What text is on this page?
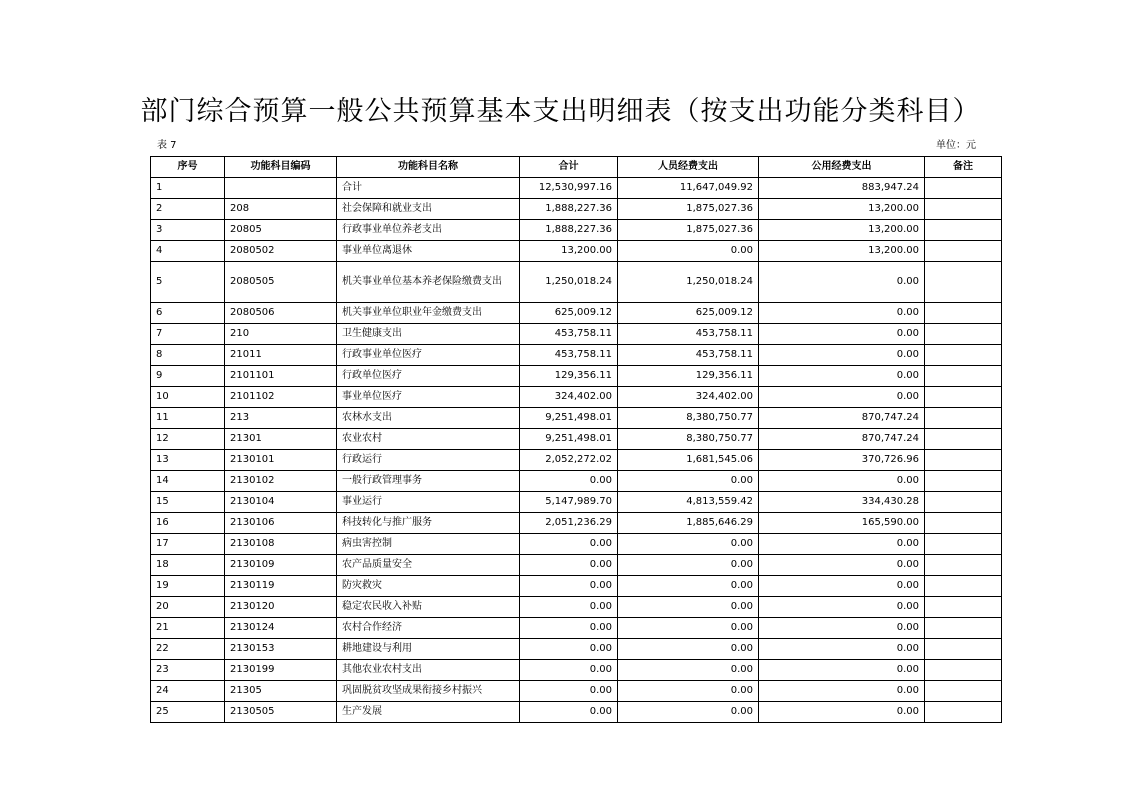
部门综合预算一般公共预算基本支出明细表（按支出功能分类科目）
表 7	单位：元
序号	功能科目编码	功能科目名称	合计	人员经费支出	公用经费支出	备注
1		合计	12,530,997.16	11,647,049.92	883,947.24	
2	208	社会保障和就业支出	1,888,227.36	1,875,027.36	13,200.00	
3	20805	行政事业单位养老支出	1,888,227.36	1,875,027.36	13,200.00	
4	2080502	事业单位离退休	13,200.00	0.00	13,200.00	
5	2080505	机关事业单位基本养老保险缴费支出	1,250,018.24	1,250,018.24	0.00	
6	2080506	机关事业单位职业年金缴费支出	625,009.12	625,009.12	0.00	
7	210	卫生健康支出	453,758.11	453,758.11	0.00	
8	21011	行政事业单位医疗	453,758.11	453,758.11	0.00	
9	2101101	行政单位医疗	129,356.11	129,356.11	0.00	
10	2101102	事业单位医疗	324,402.00	324,402.00	0.00	
11	213	农林水支出	9,251,498.01	8,380,750.77	870,747.24	
12	21301	农业农村	9,251,498.01	8,380,750.77	870,747.24	
13	2130101	行政运行	2,052,272.02	1,681,545.06	370,726.96	
14	2130102	一般行政管理事务	0.00	0.00	0.00	
15	2130104	事业运行	5,147,989.70	4,813,559.42	334,430.28	
16	2130106	科技转化与推广服务	2,051,236.29	1,885,646.29	165,590.00	
17	2130108	病虫害控制	0.00	0.00	0.00	
18	2130109	农产品质量安全	0.00	0.00	0.00	
19	2130119	防灾救灾	0.00	0.00	0.00	
20	2130120	稳定农民收入补贴	0.00	0.00	0.00	
21	2130124	农村合作经济	0.00	0.00	0.00	
22	2130153	耕地建设与利用	0.00	0.00	0.00	
23	2130199	其他农业农村支出	0.00	0.00	0.00	
24	21305	巩固脱贫攻坚成果衔接乡村振兴	0.00	0.00	0.00	
25	2130505	生产发展	0.00	0.00	0.00	
